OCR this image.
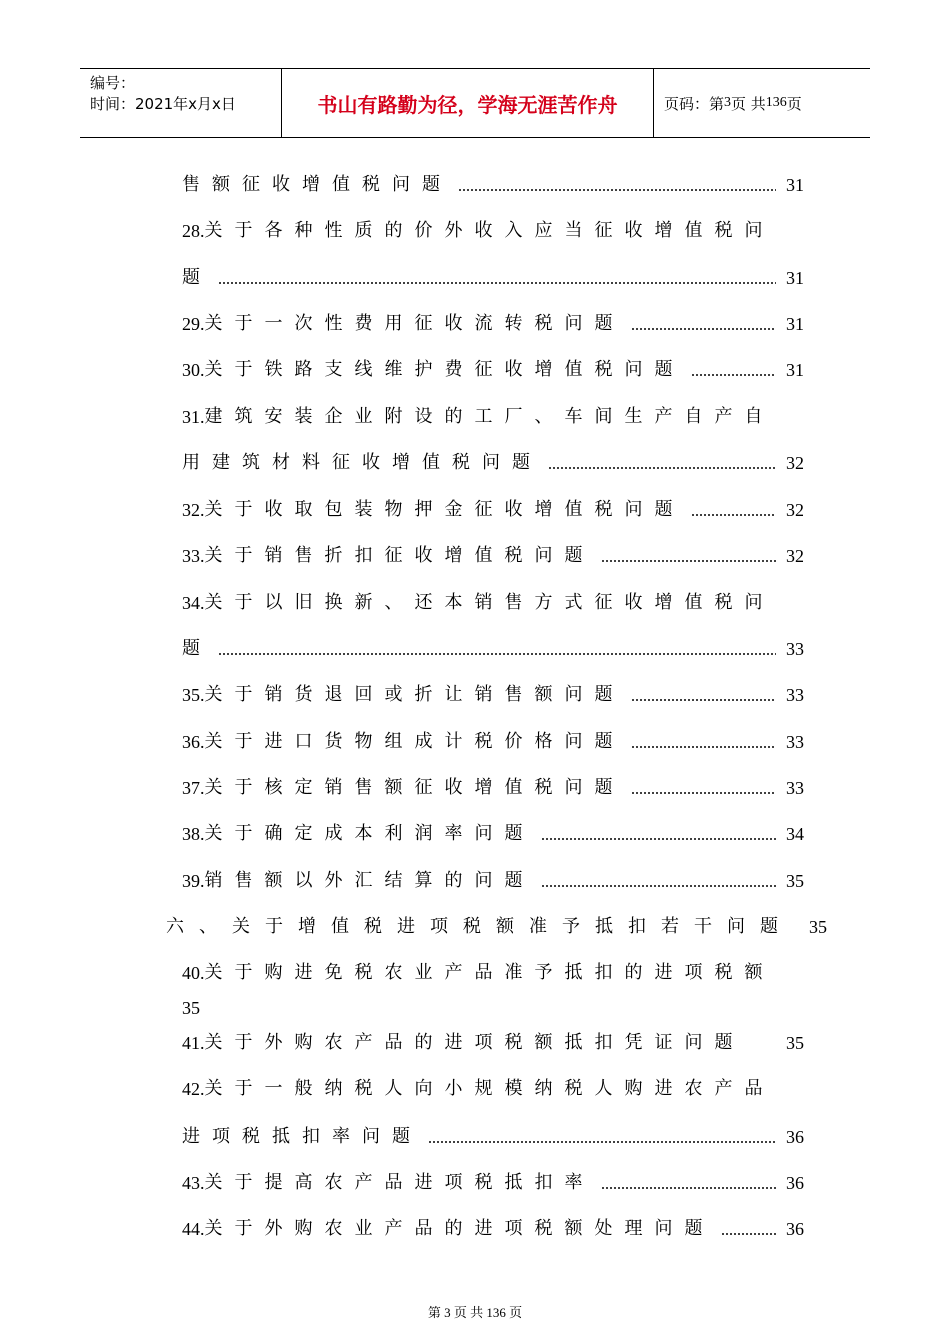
编号：
时间：2021年x月x日	书山有路勤为径，学海无涯苦作舟	页码：第 3 页 共 136 页
售额征收增值税问题	31
28. 关于各种性质的价外收入应当征收增值税问
题	31
29. 关于一次性费用征收流转税问题	31
30. 关于铁路支线维护费征收增值税问题	31
31. 建筑安装企业附设的工厂、车间生产自产自
用建筑材料征收增值税问题	32
32. 关于收取包装物押金征收增值税问题	32
33. 关于销售折扣征收增值税问题	32
34. 关于以旧换新、还本销售方式征收增值税问
题	33
35. 关于销货退回或折让销售额问题	33
36. 关于进口货物组成计税价格问题	33
37. 关于核定销售额征收增值税问题	33
38. 关于确定成本利润率问题	34
39. 销售额以外汇结算的问题	35
六、关于增值税进项税额准予抵扣若干问题 35
40. 关于购进免税农业产品准予抵扣的进项税额
35
41. 关于外购农产品的进项税额抵扣凭证问题 35
42. 关于一般纳税人向小规模纳税人购进农产品
进项税抵扣率问题	36
43. 关于提高农产品进项税抵扣率	36
44. 关于外购农业产品的进项税额处理问题	36
第 3 页 共 136 页
